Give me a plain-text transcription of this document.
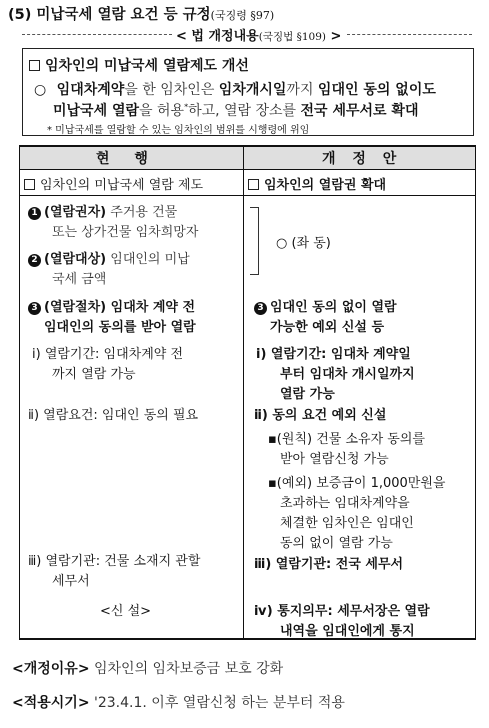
(5) 미납국세 열람 요건 등 규정(국징령 §97)
< 법 개정내용(국징법 §109) >
임차인의 미납국세 열람제도 개선
○ 임대차계약을 한 임차인은 임차개시일까지 임대인 동의 없이도
미납국세 열람을 허용*하고, 열람 장소를 전국 세무서로 확대
* 미납국세를 열람할 수 있는 임차인의 범위를 시행령에 위임
현 행	개 정 안
임차인의 미납국세 열람 제도
1 (열람권자) 주거용 건물
또는 상가건물 임차희망자
2 (열람대상) 임대인의 미납
국세 금액
3 (열람절차) 임대차 계약 전
임대인의 동의를 받아 열람
ⅰ) 열람기간: 임대차계약 전
까지 열람 가능
ⅱ) 열람요건: 임대인 동의 필요
ⅲ) 열람기관: 건물 소재지 관할
세무서
<신 설>
임차인의 열람권 확대
○ (좌 동)
3 임대인 동의 없이 열람
가능한 예외 신설 등
ⅰ) 열람기간: 임대차 계약일
부터 임대차 개시일까지
열람 가능
ⅱ) 동의 요건 예외 신설
▪(원칙) 건물 소유자 동의를
받아 열람신청 가능
▪(예외) 보증금이 1,000만원을
초과하는 임대차계약을
체결한 임차인은 임대인
동의 없이 열람 가능
ⅲ) 열람기관: 전국 세무서
ⅳ) 통지의무: 세무서장은 열람
내역을 임대인에게 통지
<개정이유> 임차인의 임차보증금 보호 강화
<적용시기> '23.4.1. 이후 열람신청 하는 분부터 적용
